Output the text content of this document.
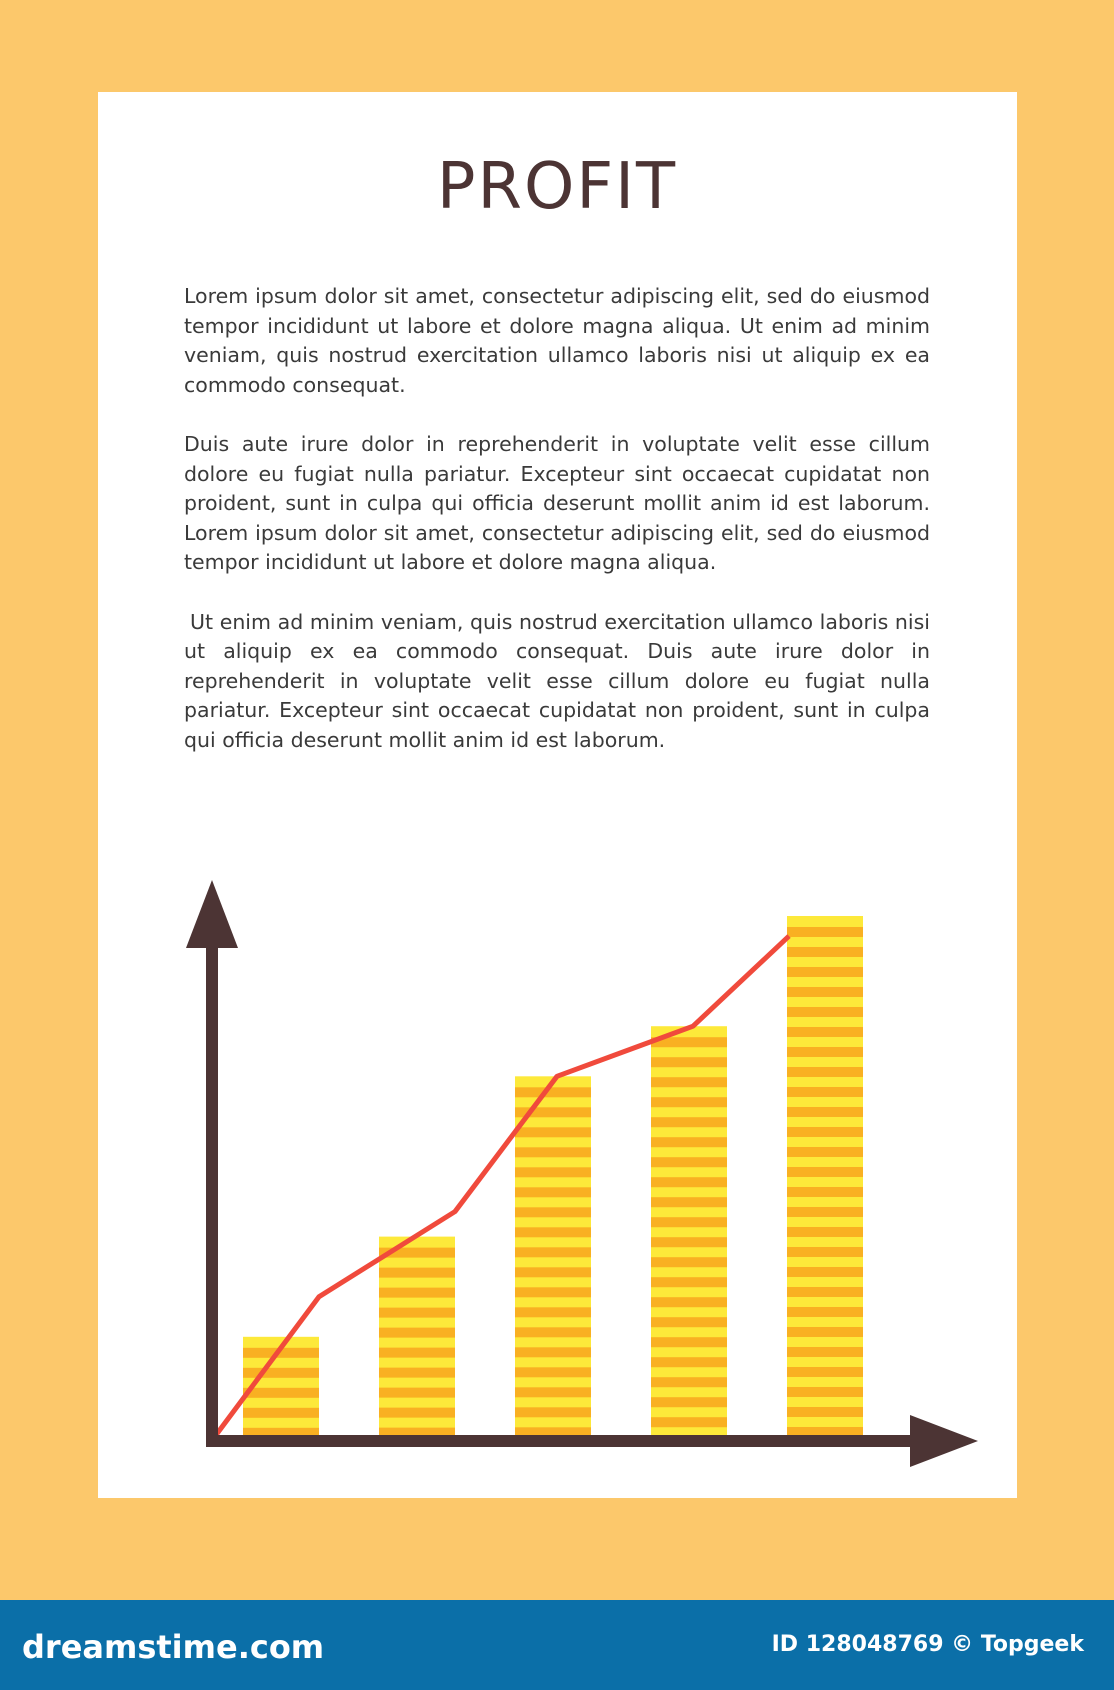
PROFIT

Lorem ipsum dolor sit amet, consectetur adipiscing elit, sed do eiusmod tempor incididunt ut labore et dolore magna aliqua. Ut enim ad minim veniam, quis nostrud exercitation ullamco laboris nisi ut aliquip ex ea commodo consequat.

Duis aute irure dolor in reprehenderit in voluptate velit esse cillum dolore eu fugiat nulla pariatur. Excepteur sint occaecat cupidatat non proident, sunt in culpa qui officia deserunt mollit anim id est laborum. Lorem ipsum dolor sit amet, consectetur adipiscing elit, sed do eiusmod tempor incididunt ut labore et dolore magna aliqua.

Ut enim ad minim veniam, quis nostrud exercitation ullamco laboris nisi ut aliquip ex ea commodo consequat. Duis aute irure dolor in reprehenderit in voluptate velit esse cillum dolore eu fugiat nulla pariatur. Excepteur sint occaecat cupidatat non proident, sunt in culpa qui officia deserunt mollit anim id est laborum.

dreamstime.com	ID 128048769 © Topgeek
